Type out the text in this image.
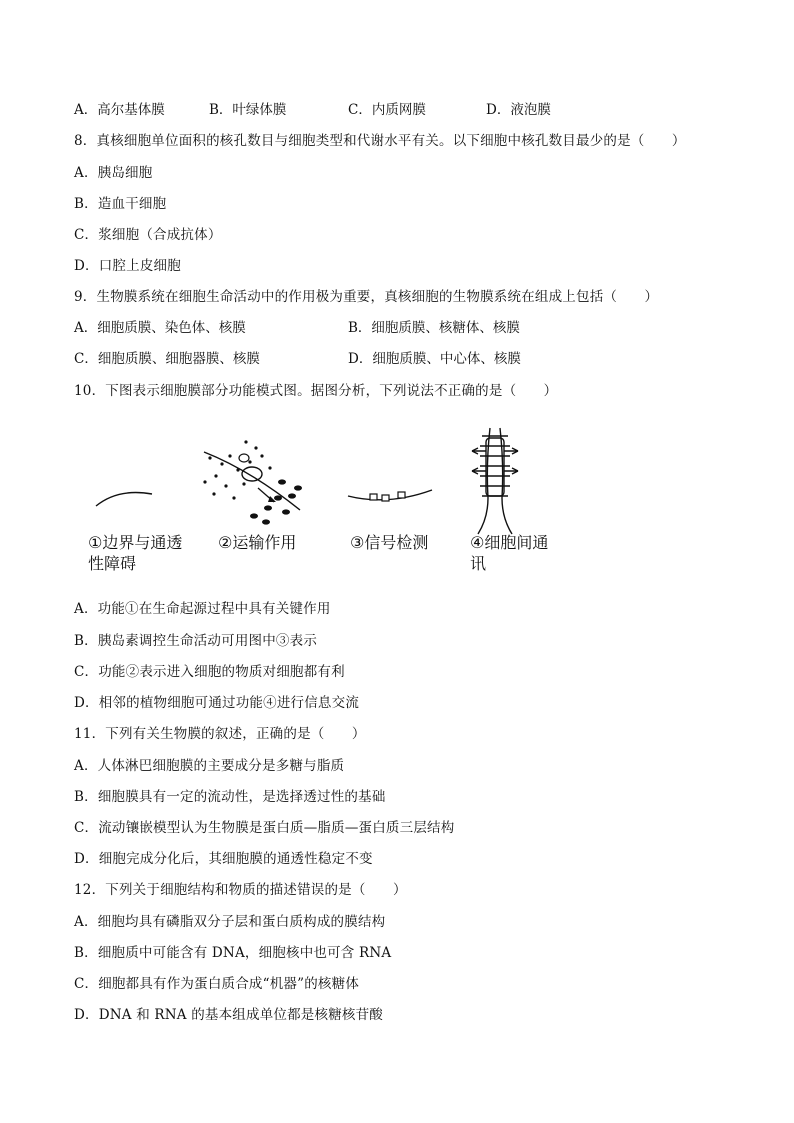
A．高尔基体膜	B．叶绿体膜	C．内质网膜	D．液泡膜
8．真核细胞单位面积的核孔数目与细胞类型和代谢水平有关。以下细胞中核孔数目最少的是（　　）
A．胰岛细胞
B．造血干细胞
C．浆细胞（合成抗体）
D．口腔上皮细胞
9．生物膜系统在细胞生命活动中的作用极为重要，真核细胞的生物膜系统在组成上包括（　　）
A．细胞质膜、染色体、核膜	B．细胞质膜、核糖体、核膜
C．细胞质膜、细胞器膜、核膜	D．细胞质膜、中心体、核膜
10．下图表示细胞膜部分功能模式图。据图分析，下列说法不正确的是（　　）
①边界与通透性障碍
②运输作用	③信号检测	④细胞间通讯
A．功能①在生命起源过程中具有关键作用
B．胰岛素调控生命活动可用图中③表示
C．功能②表示进入细胞的物质对细胞都有利
D．相邻的植物细胞可通过功能④进行信息交流
11．下列有关生物膜的叙述，正确的是（　　）
A．人体淋巴细胞膜的主要成分是多糖与脂质
B．细胞膜具有一定的流动性，是选择透过性的基础
C．流动镶嵌模型认为生物膜是蛋白质—脂质—蛋白质三层结构
D．细胞完成分化后，其细胞膜的通透性稳定不变
12．下列关于细胞结构和物质的描述错误的是（　　）
A．细胞均具有磷脂双分子层和蛋白质构成的膜结构
B．细胞质中可能含有 DNA，细胞核中也可含 RNA
C．细胞都具有作为蛋白质合成“机器”的核糖体
D．DNA 和 RNA 的基本组成单位都是核糖核苷酸
